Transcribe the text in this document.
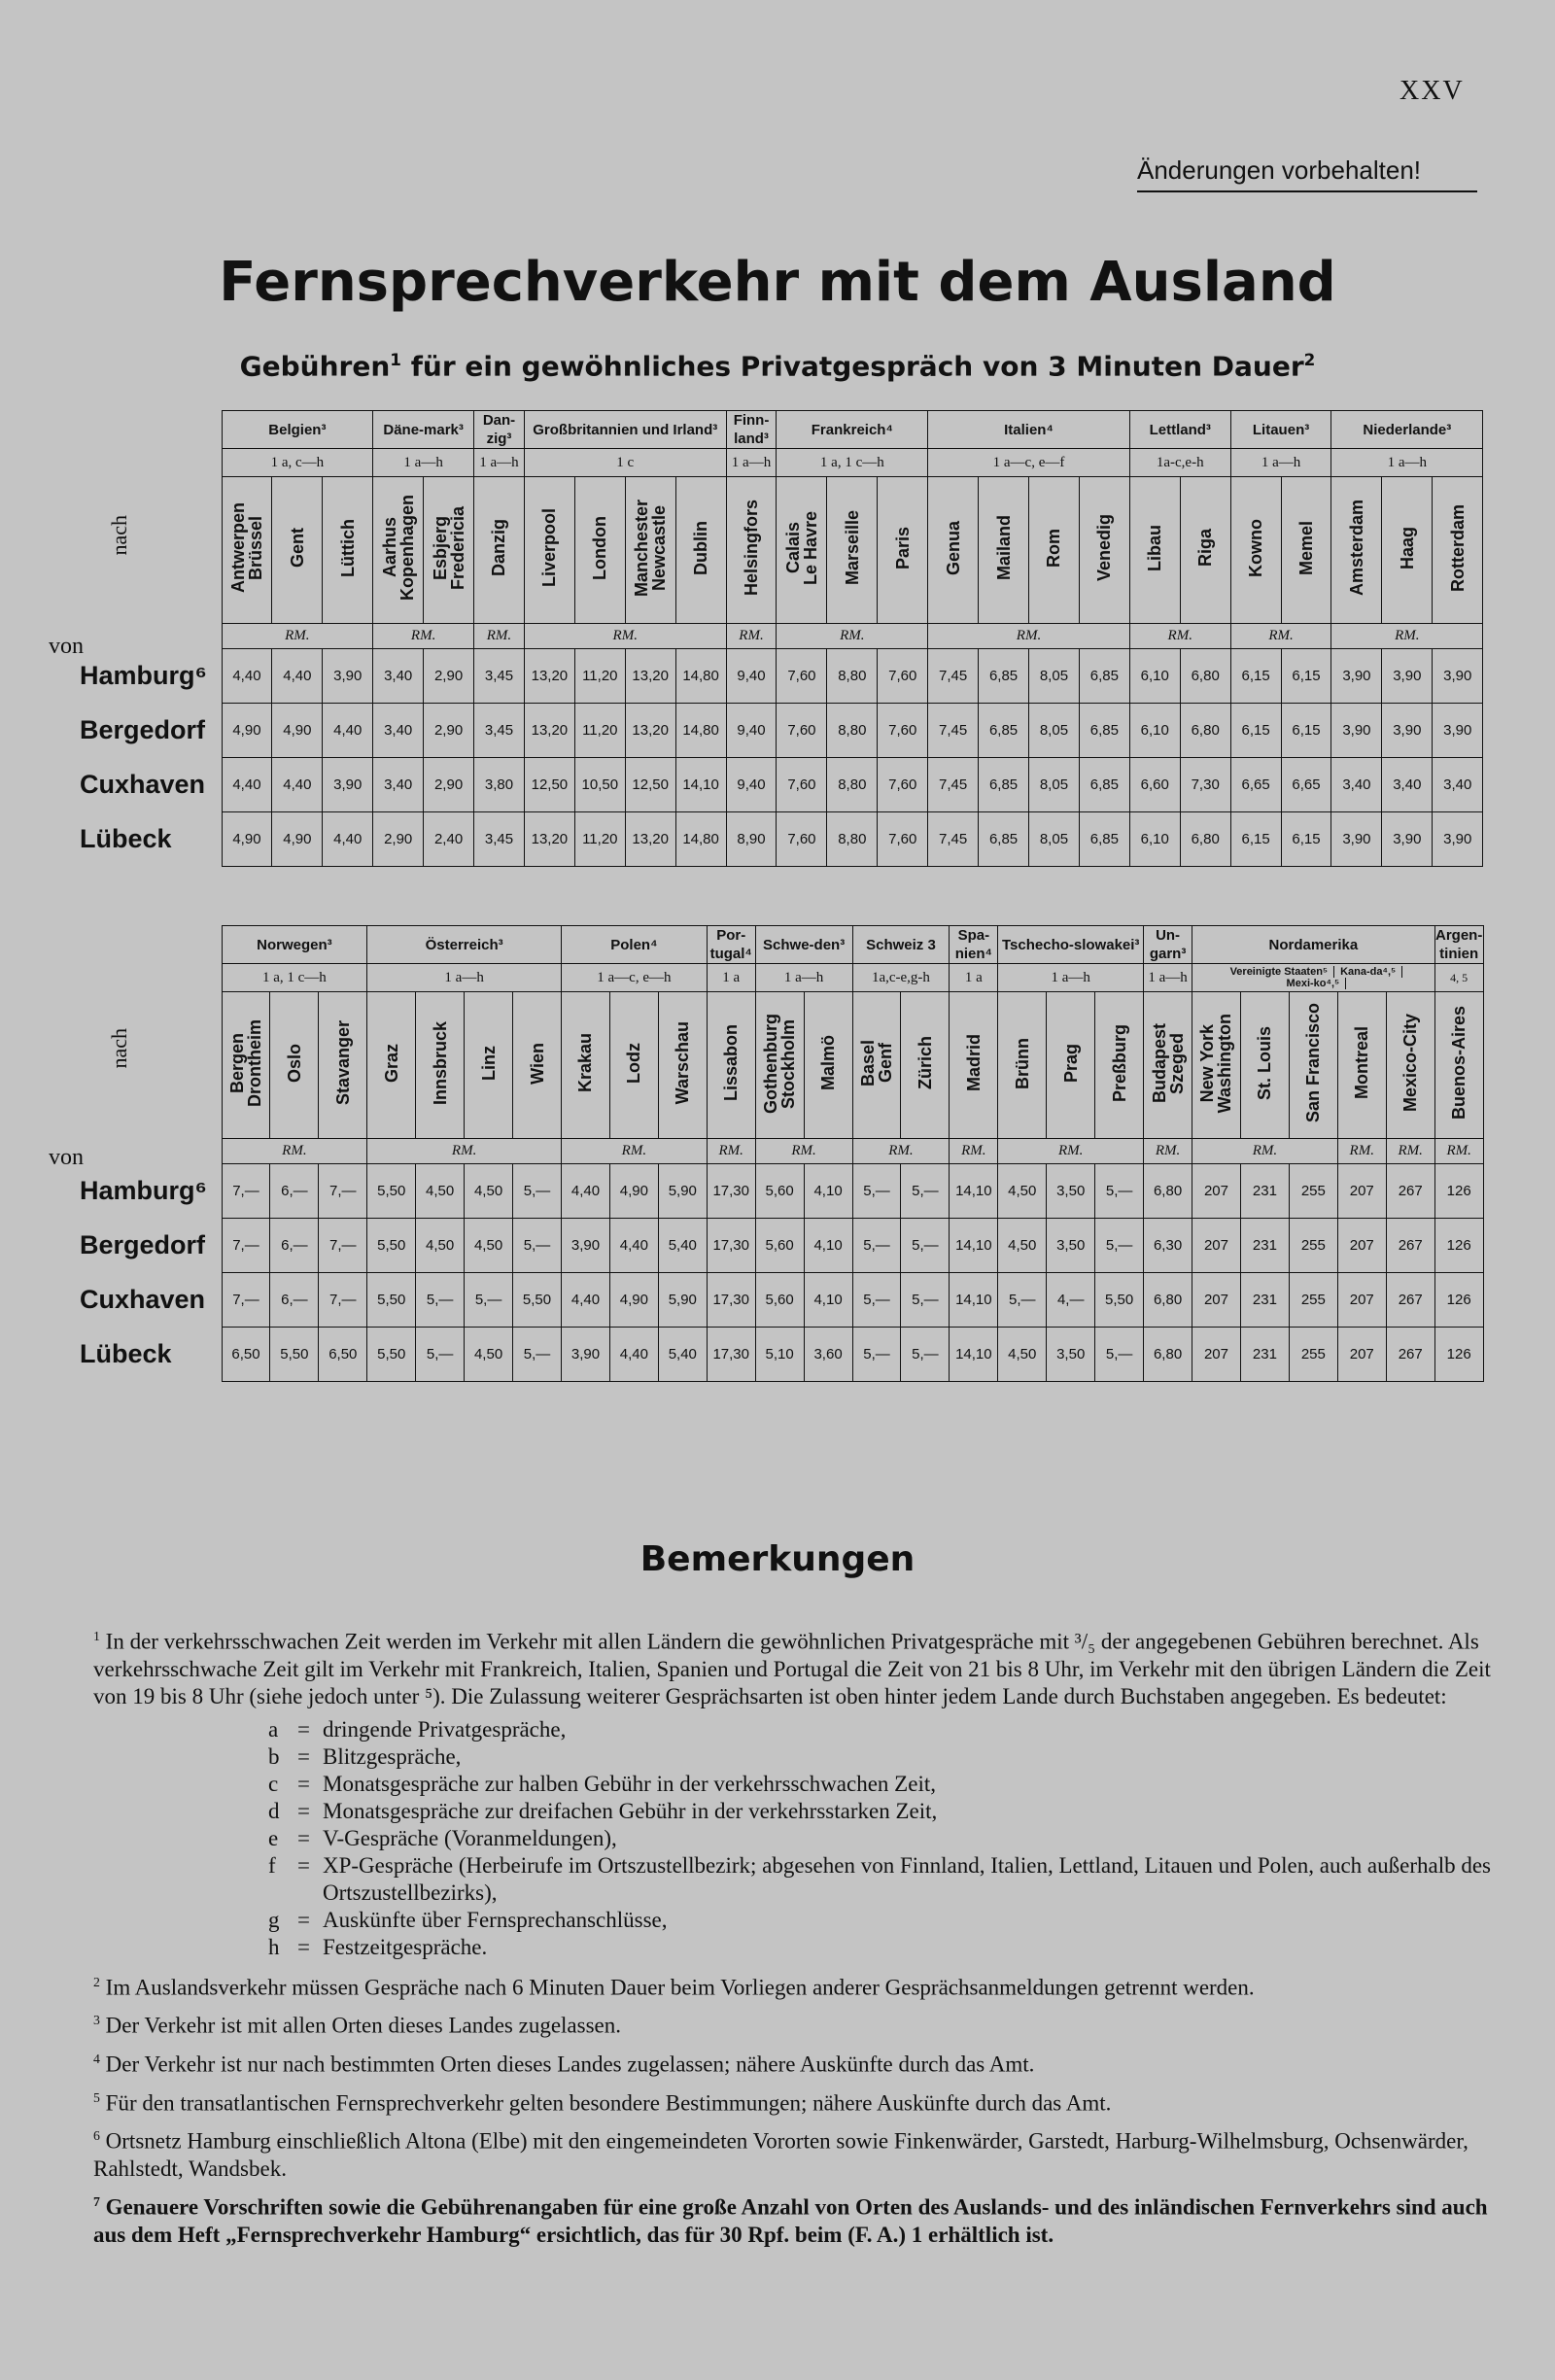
XXV
Änderungen vorbehalten!
Fernsprechverkehr mit dem Ausland
Gebühren$^1$ für ein gewöhnliches Privatgespräch von 3 Minuten Dauer$^2$
nach
von
	Belgien³			Däne-mark³		Dan-zig³	Großbritannien und Irland³				Finn-land³	Frankreich⁴			Italien⁴				Lettland³		Litauen³		Niederlande³		
	1 a, c—h			1 a—h		1 a—h	1 c				1 a—h	1 a, 1 c—h			1 a—c, e—f				1a-c,e-h		1 a—h		1 a—h		
	Antwerpen
Brüssel	Gent	Lüttich	Aarhus
Kopenhagen	Esbjerg
Fredericia	Danzig	Liverpool	London	Manchester
Newcastle	Dublin	Helsingfors	Calais
Le Havre	Marseille	Paris	Genua	Mailand	Rom	Venedig	Libau	Riga	Kowno	Memel	Amsterdam	Haag	Rotterdam
	RM.			RM.		RM.	RM.				RM.	RM.			RM.				RM.		RM.		RM.		
Hamburg⁶	4,40	4,40	3,90	3,40	2,90	3,45	13,20	11,20	13,20	14,80	9,40	7,60	8,80	7,60	7,45	6,85	8,05	6,85	6,10	6,80	6,15	6,15	3,90	3,90	3,90
Bergedorf	4,90	4,90	4,40	3,40	2,90	3,45	13,20	11,20	13,20	14,80	9,40	7,60	8,80	7,60	7,45	6,85	8,05	6,85	6,10	6,80	6,15	6,15	3,90	3,90	3,90
Cuxhaven	4,40	4,40	3,90	3,40	2,90	3,80	12,50	10,50	12,50	14,10	9,40	7,60	8,80	7,60	7,45	6,85	8,05	6,85	6,60	7,30	6,65	6,65	3,40	3,40	3,40
Lübeck	4,90	4,90	4,40	2,90	2,40	3,45	13,20	11,20	13,20	14,80	8,90	7,60	8,80	7,60	7,45	6,85	8,05	6,85	6,10	6,80	6,15	6,15	3,90	3,90	3,90
nach
von
	Norwegen³			Österreich³				Polen⁴			Por-tugal⁴	Schwe-den³		Schweiz 3		Spa-nien⁴	Tschecho-slowakei³			Un-garn³	Nordamerika					Argen-tinien
	1 a, 1 c—h			1 a—h				1 a—c, e—h			1 a	1 a—h		1a,c-e,g-h		1 a	1 a—h			1 a—h	Vereinigte Staaten⁵ Kana-da⁴,⁵Mexi-ko⁴,⁵					4, 5
	Bergen
Drontheim	Oslo	Stavanger	Graz	Innsbruck	Linz	Wien	Krakau	Lodz	Warschau	Lissabon	Gothenburg
Stockholm	Malmö	Basel
Genf	Zürich	Madrid	Brünn	Prag	Preßburg	Budapest
Szeged	New York
Washington	St. Louis	San Francisco	Montreal	Mexico-City	Buenos-Aires
	RM.			RM.				RM.			RM.	RM.		RM.		RM.	RM.			RM.	RM.			RM.	RM.	RM.
Hamburg⁶	7,—	6,—	7,—	5,50	4,50	4,50	5,—	4,40	4,90	5,90	17,30	5,60	4,10	5,—	5,—	14,10	4,50	3,50	5,—	6,80	207	231	255	207	267	126
Bergedorf	7,—	6,—	7,—	5,50	4,50	4,50	5,—	3,90	4,40	5,40	17,30	5,60	4,10	5,—	5,—	14,10	4,50	3,50	5,—	6,30	207	231	255	207	267	126
Cuxhaven	7,—	6,—	7,—	5,50	5,—	5,—	5,50	4,40	4,90	5,90	17,30	5,60	4,10	5,—	5,—	14,10	5,—	4,—	5,50	6,80	207	231	255	207	267	126
Lübeck	6,50	5,50	6,50	5,50	5,—	4,50	5,—	3,90	4,40	5,40	17,30	5,10	3,60	5,—	5,—	14,10	4,50	3,50	5,—	6,80	207	231	255	207	267	126
Bemerkungen

$^1$ In der verkehrsschwachen Zeit werden im Verkehr mit allen Ländern die gewöhnlichen Privatgespräche mit ³/₅ der angegebenen Gebühren berechnet. Als verkehrsschwache Zeit gilt im Verkehr mit Frankreich, Italien, Spanien und Portugal die Zeit von 21 bis 8 Uhr, im Verkehr mit den übrigen Ländern die Zeit von 19 bis 8 Uhr (siehe jedoch unter ⁵). Die Zulassung weiterer Gesprächsarten ist oben hinter jedem Lande durch Buchstaben angegeben. Es bedeutet:

a = dringende Privatgespräche,
b = Blitzgespräche,
c = Monatsgespräche zur halben Gebühr in der verkehrsschwachen Zeit,
d = Monatsgespräche zur dreifachen Gebühr in der verkehrsstarken Zeit,
e = V-Gespräche (Voranmeldungen),
f = XP-Gespräche (Herbeirufe im Ortszustellbezirk; abgesehen von Finnland, Italien, Lettland, Litauen und Polen, auch außerhalb des Ortszustellbezirks),
g = Auskünfte über Fernsprechanschlüsse,
h = Festzeitgespräche.

$^2$ Im Auslandsverkehr müssen Gespräche nach 6 Minuten Dauer beim Vorliegen anderer Gesprächsanmeldungen getrennt werden.

$^3$ Der Verkehr ist mit allen Orten dieses Landes zugelassen.

$^4$ Der Verkehr ist nur nach bestimmten Orten dieses Landes zugelassen; nähere Auskünfte durch das Amt.

$^5$ Für den transatlantischen Fernsprechverkehr gelten besondere Bestimmungen; nähere Auskünfte durch das Amt.

$^6$ Ortsnetz Hamburg einschließlich Altona (Elbe) mit den eingemeindeten Vororten sowie Finkenwärder, Garstedt, Harburg-Wilhelmsburg, Ochsenwärder, Rahlstedt, Wandsbek.

$^7$ Genauere Vorschriften sowie die Gebührenangaben für eine große Anzahl von Orten des Auslands- und des inländischen Fernverkehrs sind auch aus dem Heft „Fernsprechverkehr Hamburg“ ersichtlich, das für 30 Rpf. beim (F. A.) 1 erhältlich ist.
